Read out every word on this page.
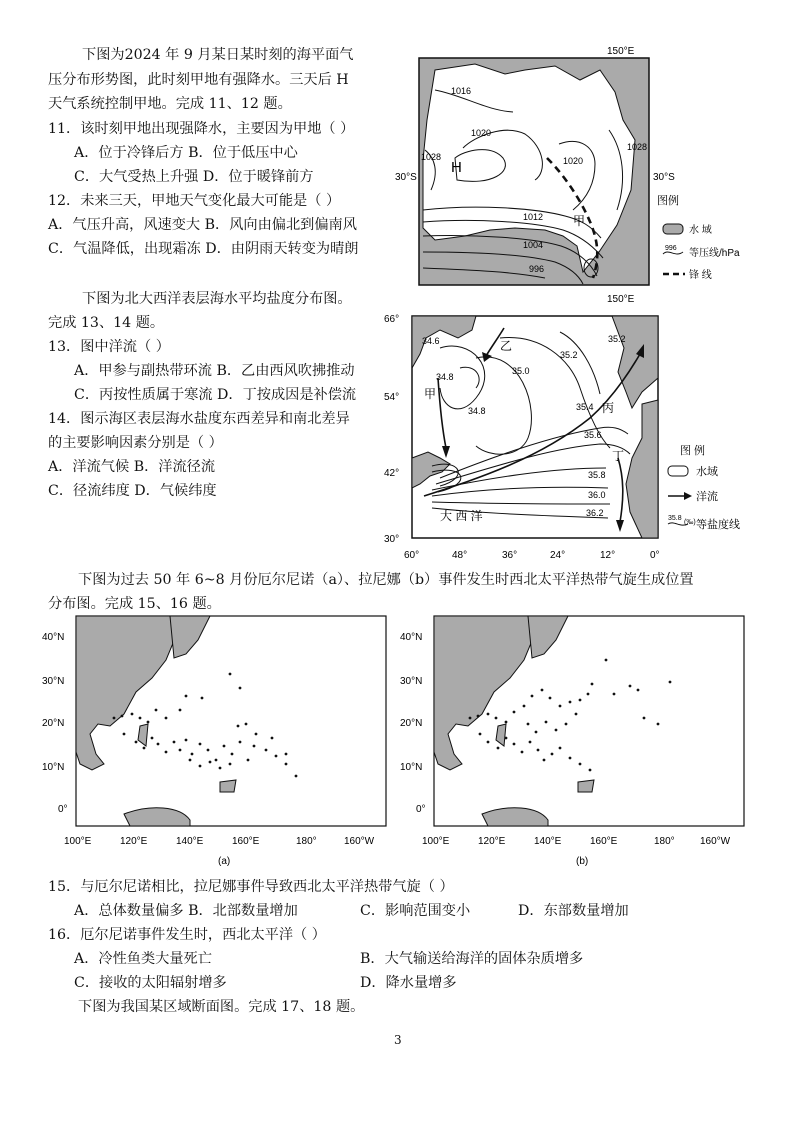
下图为2024 年 9 月某日某时刻的海平面气
压分布形势图，此时刻甲地有强降水。三天后 H
天气系统控制甲地。完成 11、12 题。
11．该时刻甲地出现强降水，主要因为甲地（ ）
A．位于冷锋后方 B．位于低压中心
C．大气受热上升强 D．位于暖锋前方
12．未来三天，甲地天气变化最大可能是（ ）
A．气压升高，风速变大 B．风向由偏北到偏南风
C．气温降低，出现霜冻 D．由阴雨天转变为晴朗
150°E
150°E
30°S	30°S
H
甲
1016
1020
1020
1028
1028
1012
1004
996
图例
水 域
996 等压线/hPa
锋 线
下图为北大西洋表层海水平均盐度分布图。
完成 13、14 题。
13．图中洋流（ ）
A．甲参与副热带环流 B．乙由西风吹拂推动
C．丙按性质属于寒流 D．丁按成因是补偿流
14．图示海区表层海水盐度东西差异和南北差异
的主要影响因素分别是（ ）
A．洋流气候 B．洋流径流
C．径流纬度 D．气候纬度
66°
54°
42°
30°
60°	48°	36°	24°	12°	0°
甲
乙
丙
丁
大 西 洋
34.6
34.8
35.0
34.8
35.2
35.2
35.4
35.6
35.8
36.0
36.2
图 例
水域
洋流
35.8
(‰) 等盐度线
下图为过去 50 年 6~8 月份厄尔尼诺（a）、拉尼娜（b）事件发生时西北太平洋热带气旋生成位置
分布图。完成 15、16 题。
40°N
30°N
20°N
10°N
0°
40°N
30°N
20°N
10°N
0°
100°E	120°E	140°E	160°E	180°	160°W	100°E	120°E	140°E	160°E	180°	160°W
(a)	(b)
15．与厄尔尼诺相比，拉尼娜事件导致西北太平洋热带气旋（ ）
A．总体数量偏多 B．北部数量增加	C．影响范围变小	D．东部数量增加
16．厄尔尼诺事件发生时，西北太平洋（ ）
A．冷性鱼类大量死亡	B．大气输送给海洋的固体杂质增多
C．接收的太阳辐射增多	D．降水量增多
下图为我国某区域断面图。完成 17、18 题。
3
